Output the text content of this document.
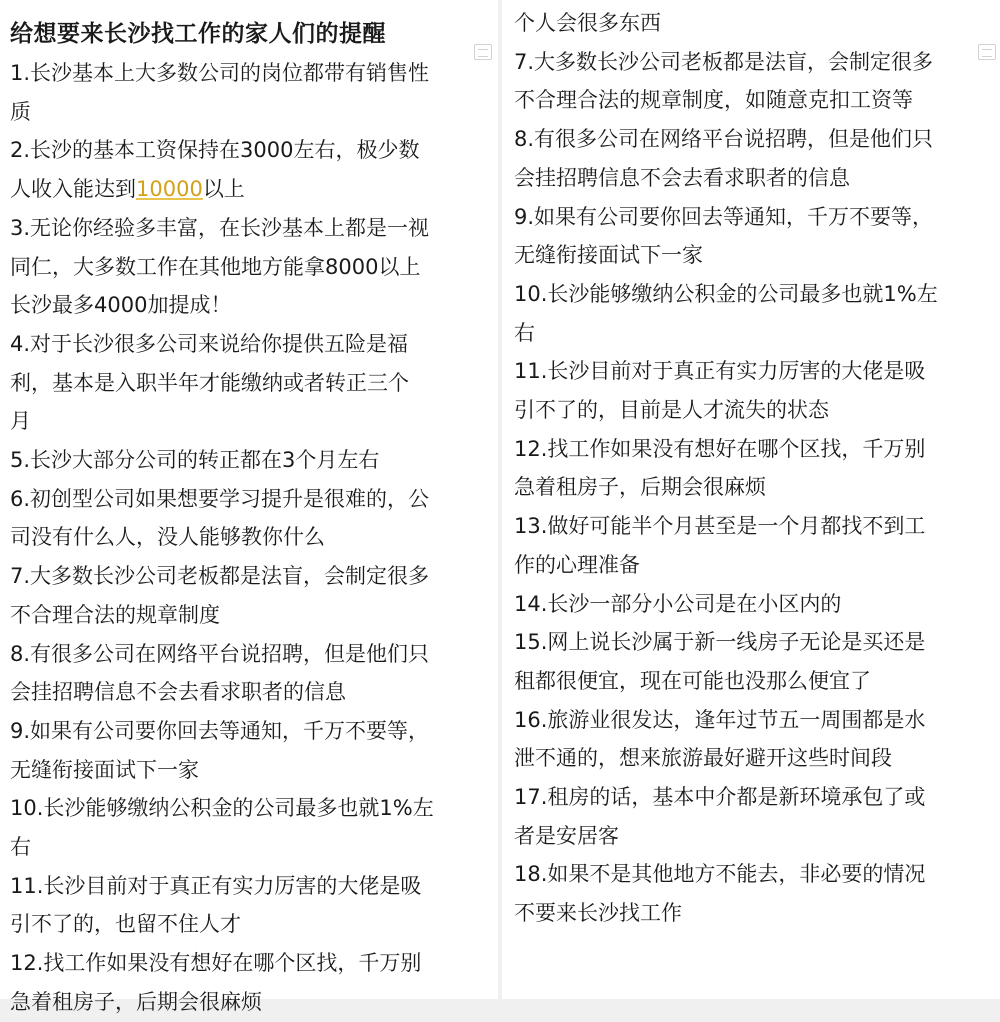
给想要来长沙找工作的家人们的提醒
1.长沙基本上大多数公司的岗位都带有销售性
质
2.长沙的基本工资保持在3000左右，极少数
人收入能达到10000以上
3.无论你经验多丰富，在长沙基本上都是一视
同仁，大多数工作在其他地方能拿8000以上
长沙最多4000加提成！
4.对于长沙很多公司来说给你提供五险是福
利，基本是入职半年才能缴纳或者转正三个
月
5.长沙大部分公司的转正都在3个月左右
6.初创型公司如果想要学习提升是很难的，公
司没有什么人，没人能够教你什么
7.大多数长沙公司老板都是法盲，会制定很多
不合理合法的规章制度
8.有很多公司在网络平台说招聘，但是他们只
会挂招聘信息不会去看求职者的信息
9.如果有公司要你回去等通知，千万不要等，
无缝衔接面试下一家
10.长沙能够缴纳公积金的公司最多也就1%左
右
11.长沙目前对于真正有实力厉害的大佬是吸
引不了的，也留不住人才
12.找工作如果没有想好在哪个区找，千万别
急着租房子，后期会很麻烦
个人会很多东西
7.大多数长沙公司老板都是法盲，会制定很多
不合理合法的规章制度，如随意克扣工资等
8.有很多公司在网络平台说招聘，但是他们只
会挂招聘信息不会去看求职者的信息
9.如果有公司要你回去等通知，千万不要等，
无缝衔接面试下一家
10.长沙能够缴纳公积金的公司最多也就1%左
右
11.长沙目前对于真正有实力厉害的大佬是吸
引不了的，目前是人才流失的状态
12.找工作如果没有想好在哪个区找，千万别
急着租房子，后期会很麻烦
13.做好可能半个月甚至是一个月都找不到工
作的心理准备
14.长沙一部分小公司是在小区内的
15.网上说长沙属于新一线房子无论是买还是
租都很便宜，现在可能也没那么便宜了
16.旅游业很发达，逢年过节五一周围都是水
泄不通的，想来旅游最好避开这些时间段
17.租房的话，基本中介都是新环境承包了或
者是安居客
18.如果不是其他地方不能去，非必要的情况
不要来长沙找工作
